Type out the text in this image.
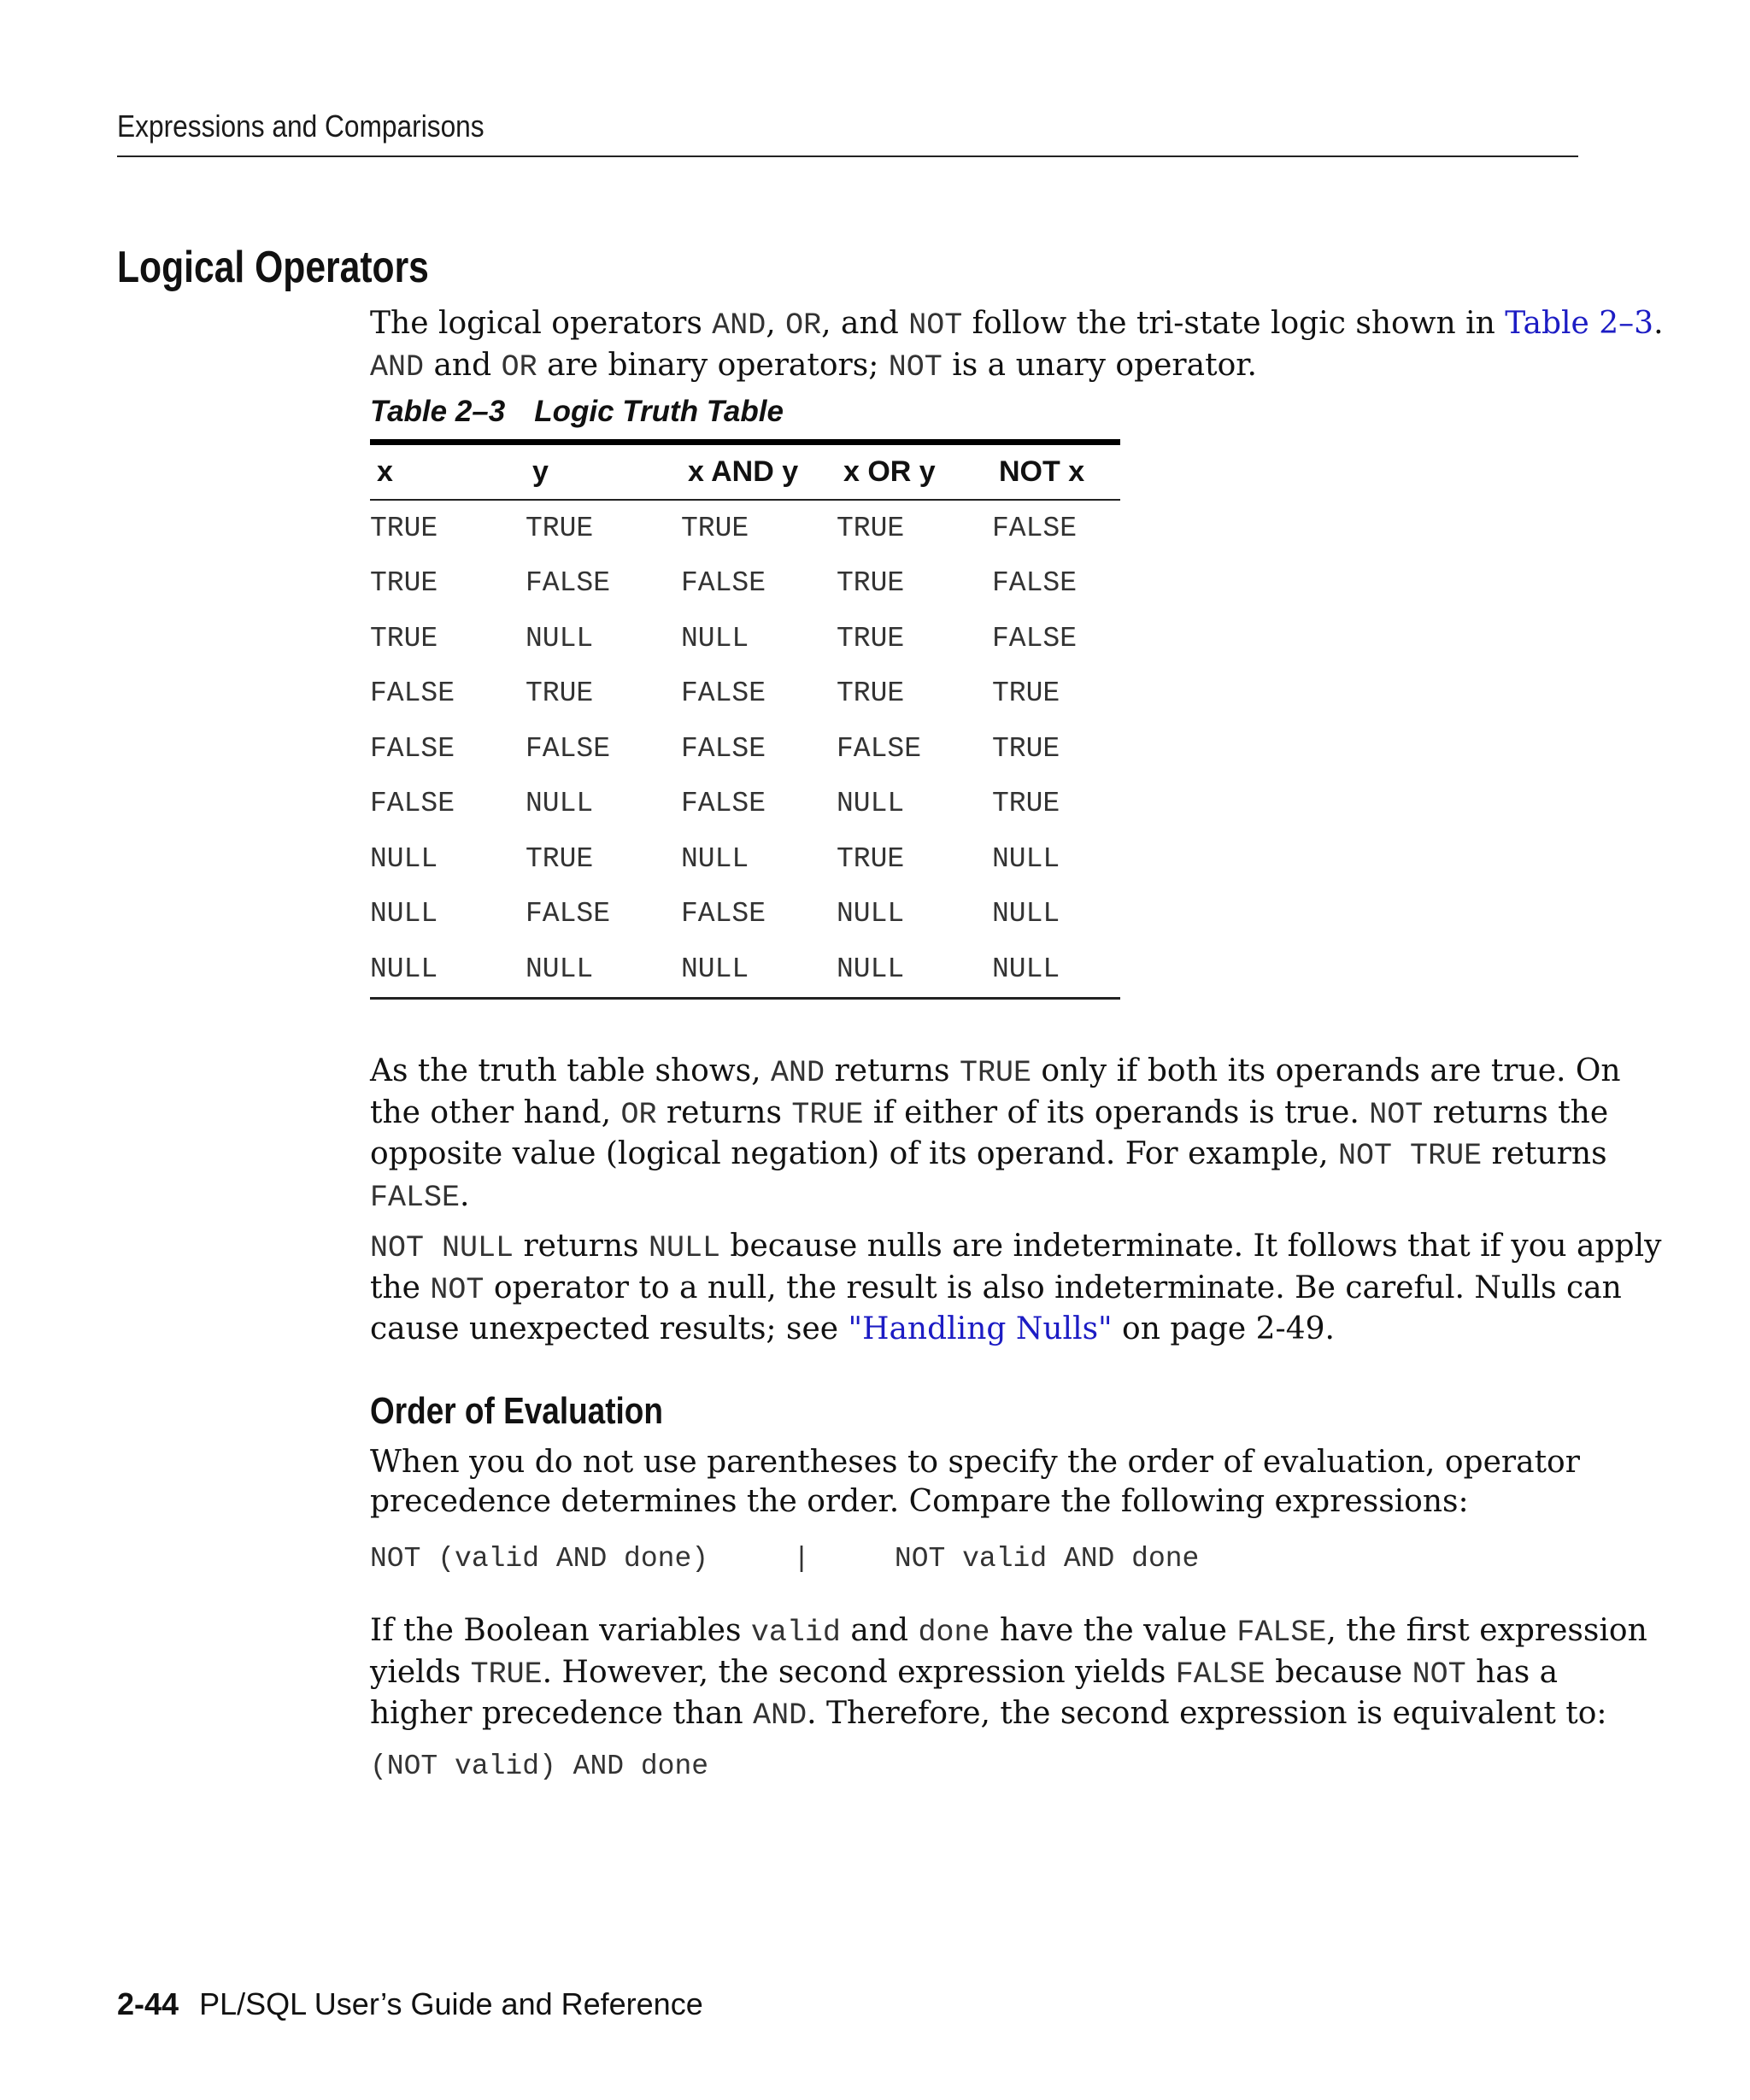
Expressions and Comparisons
Logical Operators
The logical operators AND, OR, and NOT follow the tri-state logic shown in Table 2–3.
AND and OR are binary operators; NOT is a unary operator.
Table 2–3 Logic Truth Table
x	y	x AND y	x OR y	NOT x
TRUE	TRUE	TRUE	TRUE	FALSE
TRUE	FALSE	FALSE	TRUE	FALSE
TRUE	NULL	NULL	TRUE	FALSE
FALSE	TRUE	FALSE	TRUE	TRUE
FALSE	FALSE	FALSE	FALSE	TRUE
FALSE	NULL	FALSE	NULL	TRUE
NULL	TRUE	NULL	TRUE	NULL
NULL	FALSE	FALSE	NULL	NULL
NULL	NULL	NULL	NULL	NULL
As the truth table shows, AND returns TRUE only if both its operands are true. On
the other hand, OR returns TRUE if either of its operands is true. NOT returns the
opposite value (logical negation) of its operand. For example, NOT TRUE returns
FALSE.
NOT NULL returns NULL because nulls are indeterminate. It follows that if you apply
the NOT operator to a null, the result is also indeterminate. Be careful. Nulls can
cause unexpected results; see "Handling Nulls" on page 2-49.
Order of Evaluation
When you do not use parentheses to specify the order of evaluation, operator
precedence determines the order. Compare the following expressions:
NOT (valid AND done)     |     NOT valid AND done
If the Boolean variables valid and done have the value FALSE, the first expression
yields TRUE. However, the second expression yields FALSE because NOT has a
higher precedence than AND. Therefore, the second expression is equivalent to:
(NOT valid) AND done
2-44 PL/SQL User’s Guide and Reference
